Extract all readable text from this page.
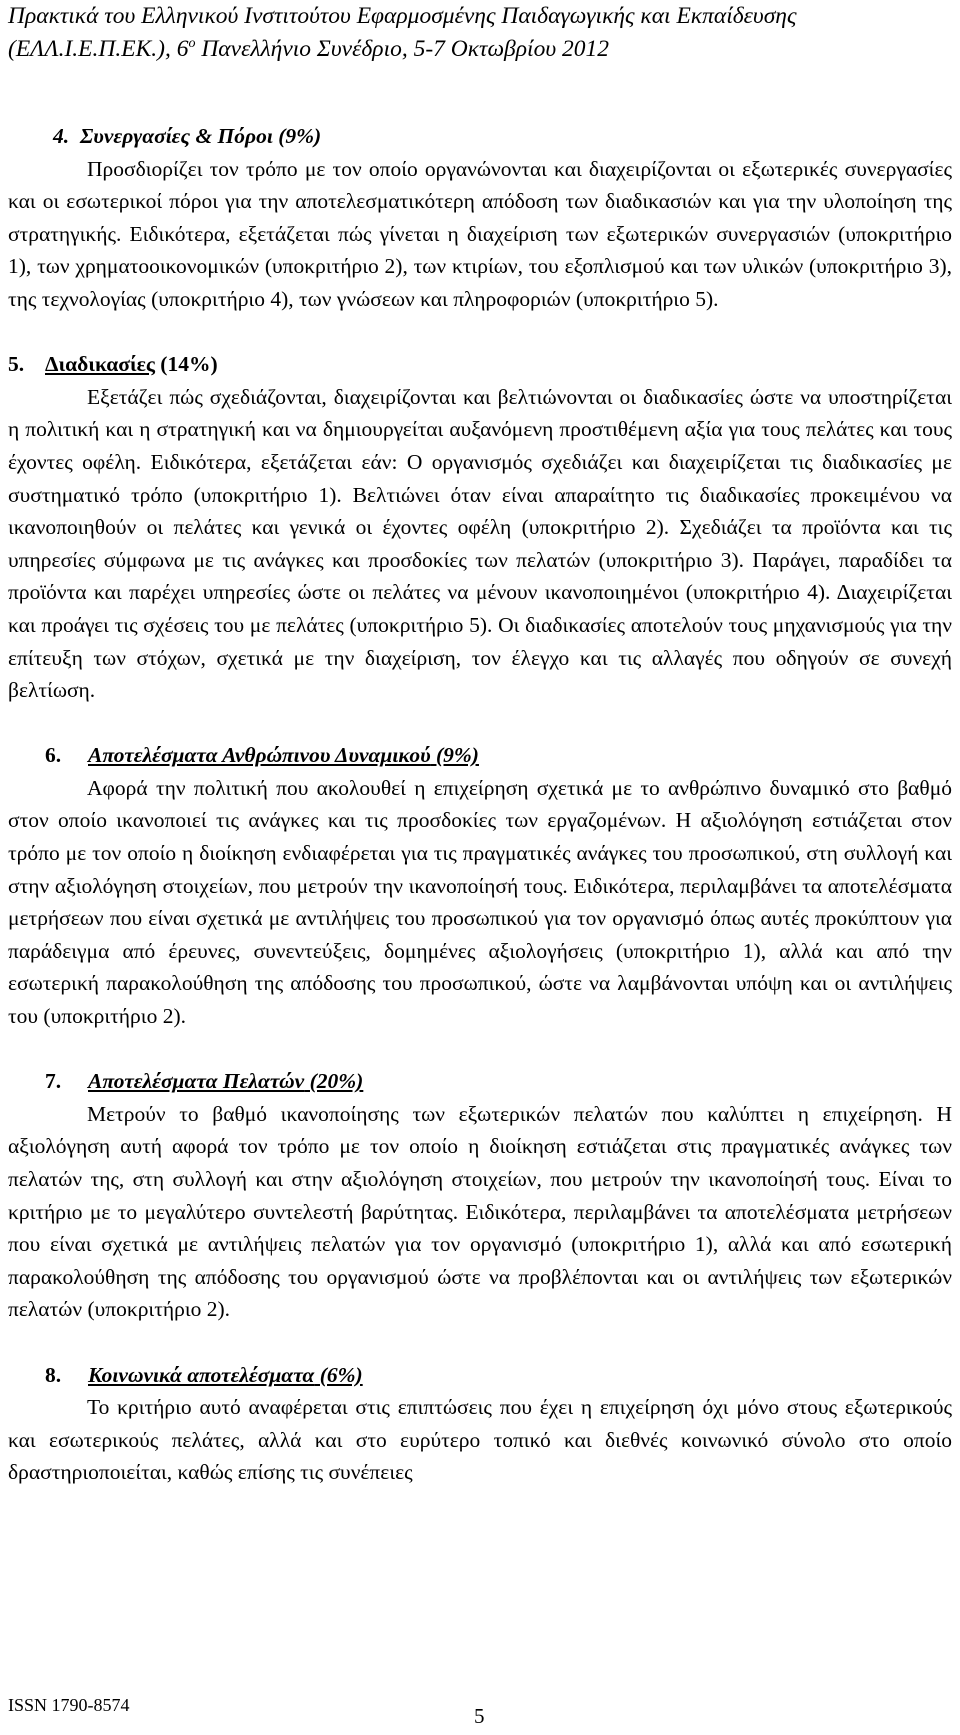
Πρακτικά του Ελληνικού Ινστιτούτου Εφαρμοσμένης Παιδαγωγικής και Εκπαίδευσης
(ΕΛΛ.Ι.Ε.Π.ΕΚ.), $6^o$ Πανελλήνιο Συνέδριο, 5-7 Οκτωβρίου 2012
4. Συνεργασίες & Πόροι (9%)

Προσδιορίζει τον τρόπο με τον οποίο οργανώνονται και διαχειρίζονται οι εξωτερικές συνεργασίες και οι εσωτερικοί πόροι για την αποτελεσματικότερη απόδοση των διαδικασιών και για την υλοποίηση της στρατηγικής. Ειδικότερα, εξετάζεται πώς γίνεται η διαχείριση των εξωτερικών συνεργασιών (υποκριτήριο 1), των χρηματοοικονομικών (υποκριτήριο 2), των κτιρίων, του εξοπλισμού και των υλικών (υποκριτήριο 3), της τεχνολογίας (υποκριτήριο 4), των γνώσεων και πληροφοριών (υποκριτήριο 5).

5. Διαδικασίες (14%)

Εξετάζει πώς σχεδιάζονται, διαχειρίζονται και βελτιώνονται οι διαδικασίες ώστε να υποστηρίζεται η πολιτική και η στρατηγική και να δημιουργείται αυξανόμενη προστιθέμενη αξία για τους πελάτες και τους έχοντες οφέλη. Ειδικότερα, εξετάζεται εάν: Ο οργανισμός σχεδιάζει και διαχειρίζεται τις διαδικασίες με συστηματικό τρόπο (υποκριτήριο 1). Βελτιώνει όταν είναι απαραίτητο τις διαδικασίες προκειμένου να ικανοποιηθούν οι πελάτες και γενικά οι έχοντες οφέλη (υποκριτήριο 2). Σχεδιάζει τα προϊόντα και τις υπηρεσίες σύμφωνα με τις ανάγκες και προσδοκίες των πελατών (υποκριτήριο 3). Παράγει, παραδίδει τα προϊόντα και παρέχει υπηρεσίες ώστε οι πελάτες να μένουν ικανοποιημένοι (υποκριτήριο 4). Διαχειρίζεται και προάγει τις σχέσεις του με πελάτες (υποκριτήριο 5). Οι διαδικασίες αποτελούν τους μηχανισμούς για την επίτευξη των στόχων, σχετικά με την διαχείριση, τον έλεγχο και τις αλλαγές που οδηγούν σε συνεχή βελτίωση.

6. Αποτελέσματα Ανθρώπινου Δυναμικού (9%)

Αφορά την πολιτική που ακολουθεί η επιχείρηση σχετικά με το ανθρώπινο δυναμικό στο βαθμό στον οποίο ικανοποιεί τις ανάγκες και τις προσδοκίες των εργαζομένων. Η αξιολόγηση εστιάζεται στον τρόπο με τον οποίο η διοίκηση ενδιαφέρεται για τις πραγματικές ανάγκες του προσωπικού, στη συλλογή και στην αξιολόγηση στοιχείων, που μετρούν την ικανοποίησή τους. Ειδικότερα, περιλαμβάνει τα αποτελέσματα μετρήσεων που είναι σχετικά με αντιλήψεις του προσωπικού για τον οργανισμό όπως αυτές προκύπτουν για παράδειγμα από έρευνες, συνεντεύξεις, δομημένες αξιολογήσεις (υποκριτήριο 1), αλλά και από την εσωτερική παρακολούθηση της απόδοσης του προσωπικού, ώστε να λαμβάνονται υπόψη και οι αντιλήψεις του (υποκριτήριο 2).

7. Αποτελέσματα Πελατών (20%)

Μετρούν το βαθμό ικανοποίησης των εξωτερικών πελατών που καλύπτει η επιχείρηση. Η αξιολόγηση αυτή αφορά τον τρόπο με τον οποίο η διοίκηση εστιάζεται στις πραγματικές ανάγκες των πελατών της, στη συλλογή και στην αξιολόγηση στοιχείων, που μετρούν την ικανοποίησή τους. Είναι το κριτήριο με το μεγαλύτερο συντελεστή βαρύτητας. Ειδικότερα, περιλαμβάνει τα αποτελέσματα μετρήσεων που είναι σχετικά με αντιλήψεις πελατών για τον οργανισμό (υποκριτήριο 1), αλλά και από εσωτερική παρακολούθηση της απόδοσης του οργανισμού ώστε να προβλέπονται και οι αντιλήψεις των εξωτερικών πελατών (υποκριτήριο 2).

8. Κοινωνικά αποτελέσματα (6%)

Το κριτήριο αυτό αναφέρεται στις επιπτώσεις που έχει η επιχείρηση όχι μόνο στους εξωτερικούς και εσωτερικούς πελάτες, αλλά και στο ευρύτερο τοπικό και διεθνές κοινωνικό σύνολο στο οποίο δραστηριοποιείται, καθώς επίσης τις συνέπειες

ISSN 1790-8574	5
